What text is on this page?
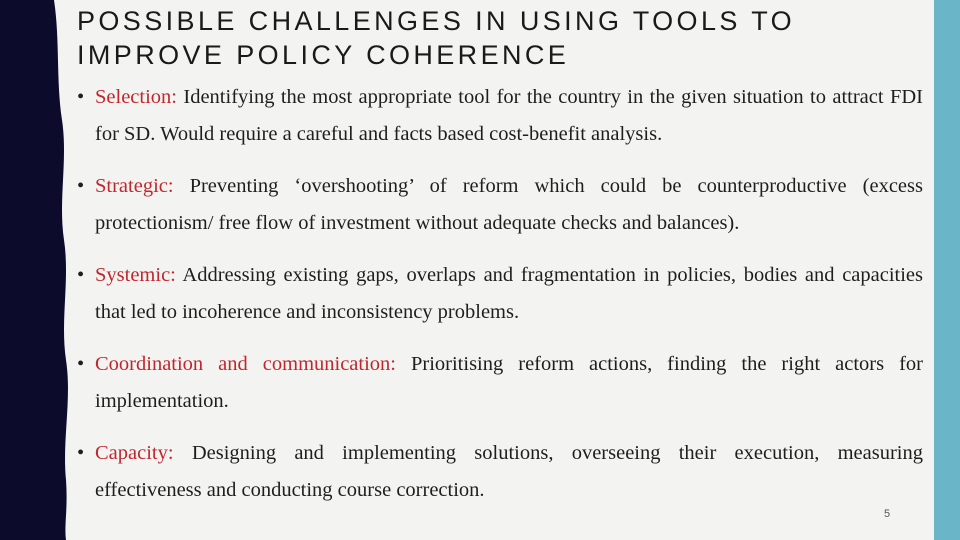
POSSIBLE CHALLENGES IN USING TOOLS TO IMPROVE POLICY COHERENCE
• Selection: Identifying the most appropriate tool for the country in the given situation to attract FDI for SD. Would require a careful and facts based cost-benefit analysis.
• Strategic: Preventing ‘overshooting’ of reform which could be counterproductive (excess protectionism/ free flow of investment without adequate checks and balances).
• Systemic: Addressing existing gaps, overlaps and fragmentation in policies, bodies and capacities that led to incoherence and inconsistency problems.
• Coordination and communication: Prioritising reform actions, finding the right actors for implementation.
• Capacity: Designing and implementing solutions, overseeing their execution, measuring effectiveness and conducting course correction.
5
